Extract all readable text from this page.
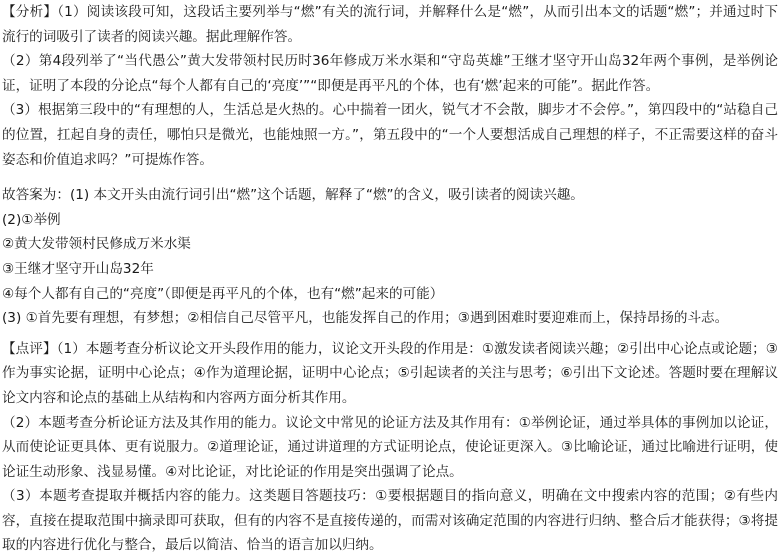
【分析】（1）阅读该段可知，这段话主要列举与“燃”有关的流行词，并解释什么是“燃”，从而引出本文的话题“燃”；并通过时下流行的词吸引了读者的阅读兴趣。据此理解作答。

（2）第4段列举了“当代愚公”黄大发带领村民历时36年修成万米水渠和“守岛英雄”王继才坚守开山岛32年两个事例，是举例论证，证明了本段的分论点“每个人都有自己的‘亮度’”“即便是再平凡的个体，也有‘燃’起来的可能”。据此作答。

（3）根据第三段中的“有理想的人，生活总是火热的。心中揣着一团火，锐气才不会散，脚步才不会停。”，第四段中的“站稳自己的位置，扛起自身的责任，哪怕只是微光，也能烛照一方。”，第五段中的“一个人要想活成自己理想的样子，不正需要这样的奋斗姿态和价值追求吗？”可提炼作答。

故答案为：(1) 本文开头由流行词引出“燃”这个话题，解释了“燃”的含义，吸引读者的阅读兴趣。

(2)①举例

②黄大发带领村民修成万米水渠

③王继才坚守开山岛32年

④每个人都有自己的“亮度”（即便是再平凡的个体，也有“燃”起来的可能）

(3) ①首先要有理想，有梦想；②相信自己尽管平凡，也能发挥自己的作用；③遇到困难时要迎难而上，保持昂扬的斗志。

【点评】（1）本题考查分析议论文开头段作用的能力，议论文开头段的作用是：①激发读者阅读兴趣；②引出中心论点或论题；③作为事实论据，证明中心论点；④作为道理论据，证明中心论点；⑤引起读者的关注与思考；⑥引出下文论述。答题时要在理解议论文内容和论点的基础上从结构和内容两方面分析其作用。

（2）本题考查分析论证方法及其作用的能力。议论文中常见的论证方法及其作用有：①举例论证，通过举具体的事例加以论证，从而使论证更具体、更有说服力。②道理论证，通过讲道理的方式证明论点，使论证更深入。③比喻论证，通过比喻进行证明，使论证生动形象、浅显易懂。④对比论证，对比论证的作用是突出强调了论点。

（3）本题考查提取并概括内容的能力。这类题目答题技巧：①要根据题目的指向意义，明确在文中搜索内容的范围；②有些内容，直接在提取范围中摘录即可获取，但有的内容不是直接传递的，而需对该确定范围的内容进行归纳、整合后才能获得；③将提取的内容进行优化与整合，最后以简洁、恰当的语言加以归纳。
